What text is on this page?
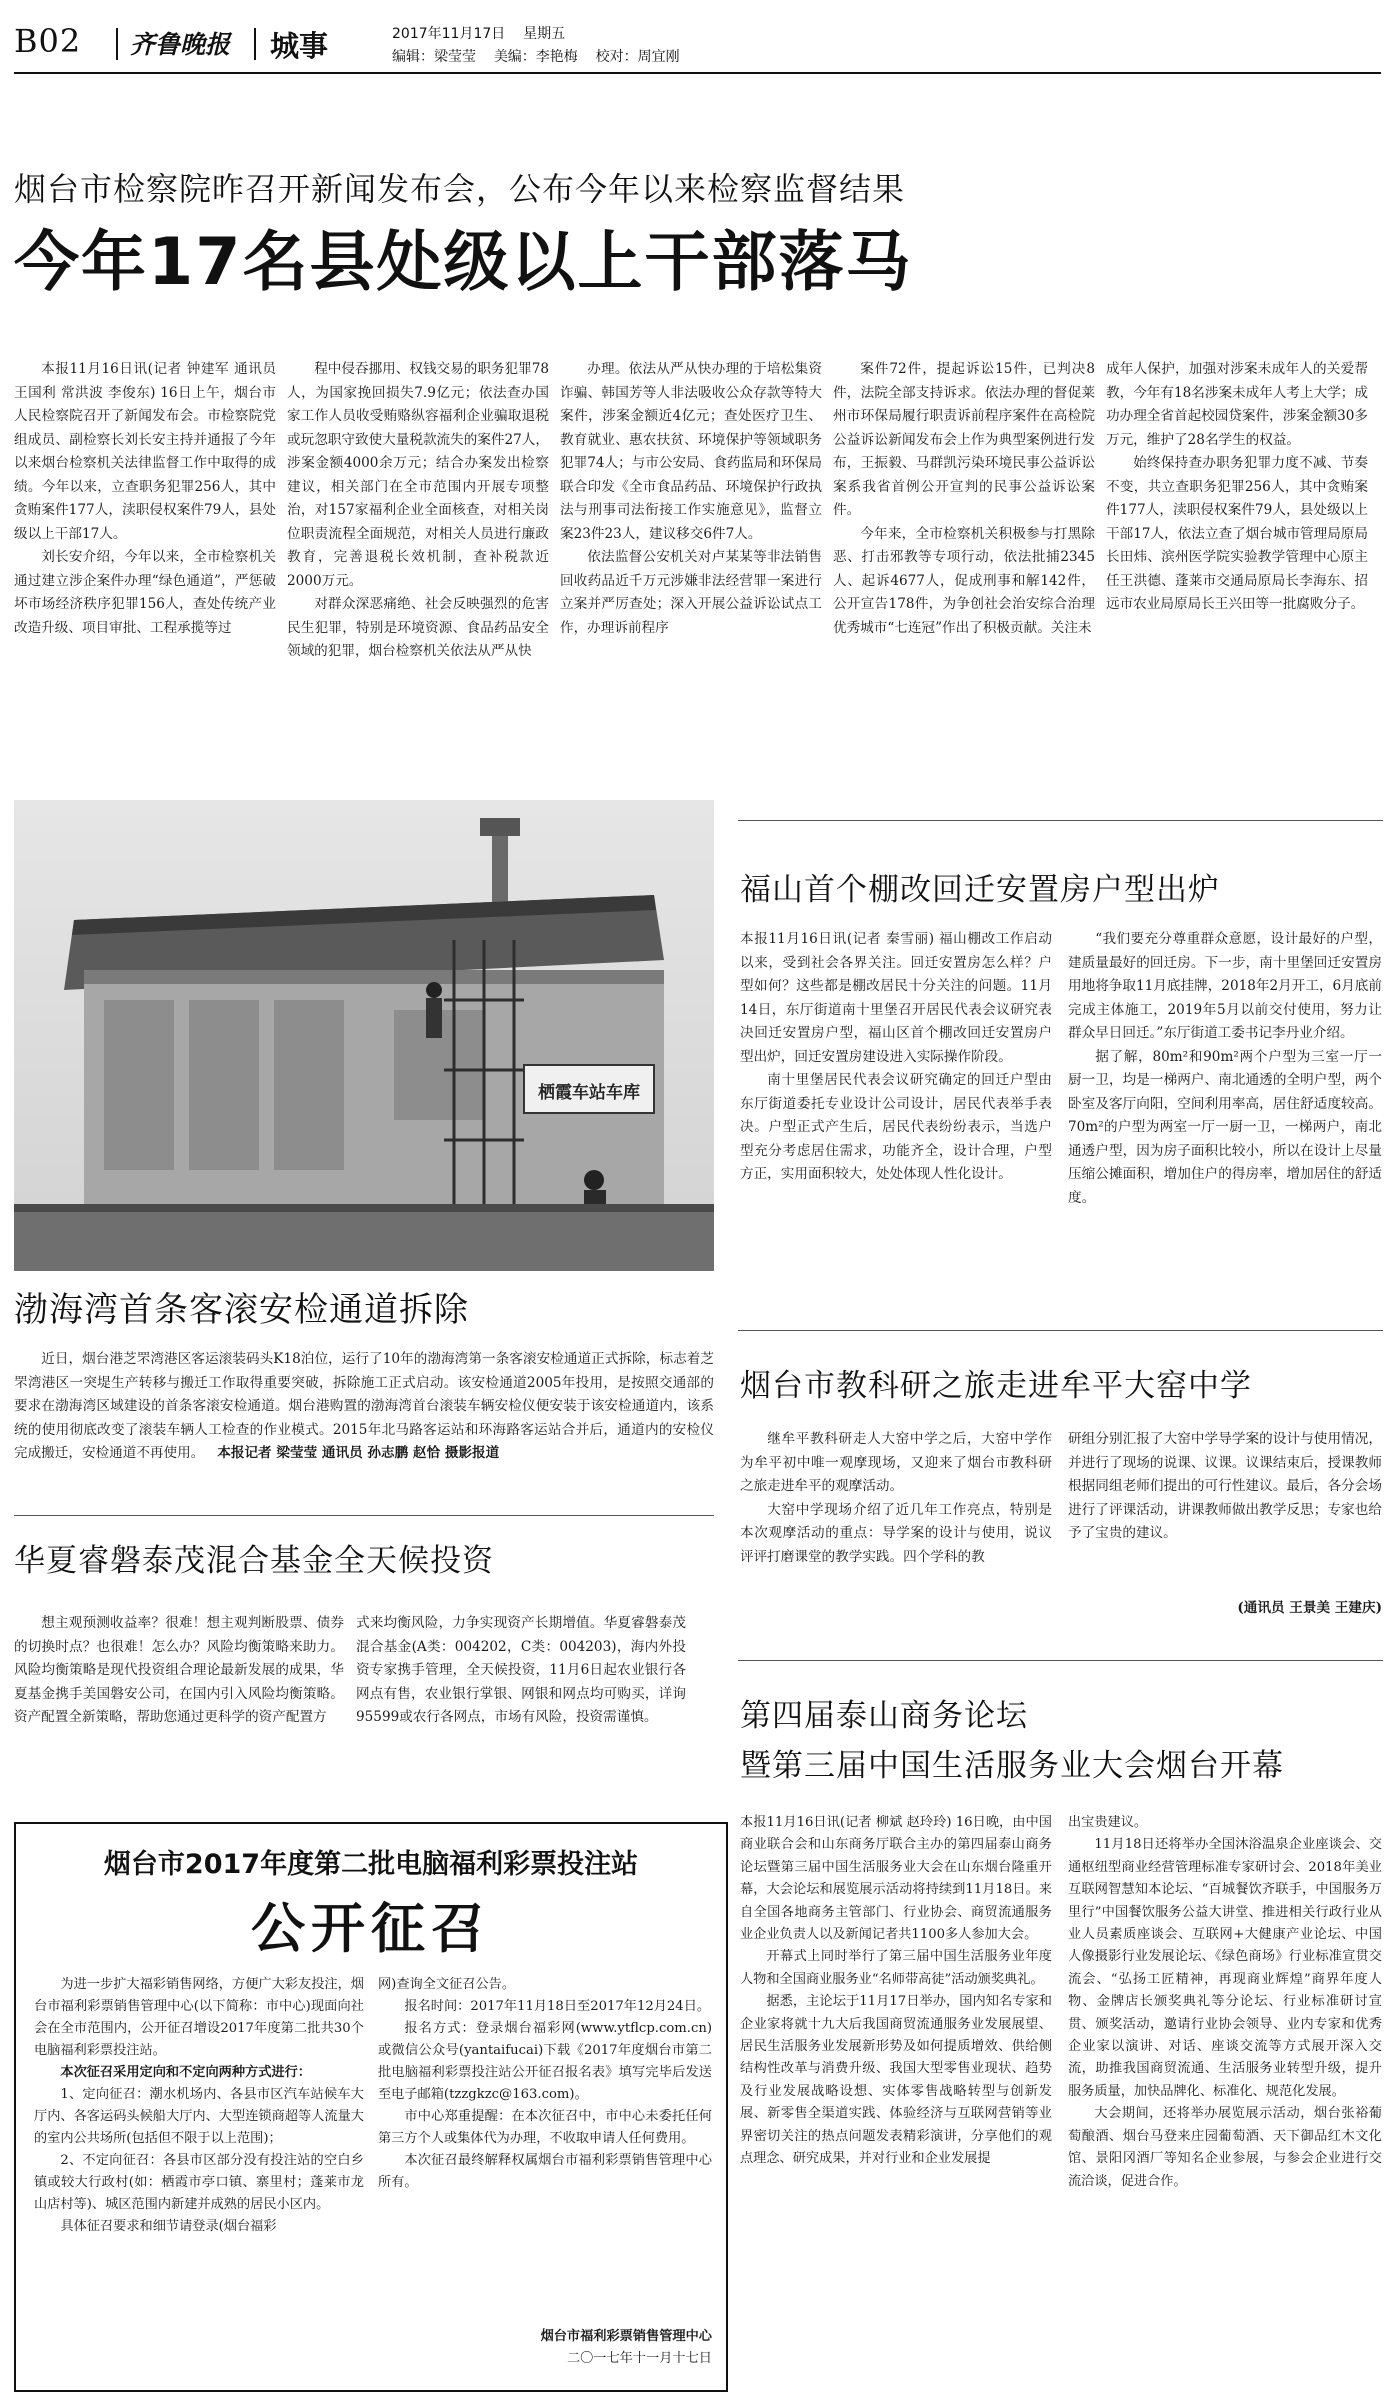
B02 齐鲁晚报 城事	2017年11月17日 星期五
编辑：梁莹莹 美编：李艳梅 校对：周宜刚
烟台市检察院昨召开新闻发布会，公布今年以来检察监督结果
今年17名县处级以上干部落马

本报11月16日讯(记者 钟建军 通讯员 王国利 常洪波 李俊东) 16日上午，烟台市人民检察院召开了新闻发布会。市检察院党组成员、副检察长刘长安主持并通报了今年以来烟台检察机关法律监督工作中取得的成绩。今年以来，立查职务犯罪256人，其中贪贿案件177人，渎职侵权案件79人，县处级以上干部17人。

刘长安介绍，今年以来，全市检察机关通过建立涉企案件办理“绿色通道”，严惩破坏市场经济秩序犯罪156人，查处传统产业改造升级、项目审批、工程承揽等过

程中侵吞挪用、权钱交易的职务犯罪78人，为国家挽回损失7.9亿元；依法查办国家工作人员收受贿赂纵容福利企业骗取退税或玩忽职守致使大量税款流失的案件27人，涉案金额4000余万元；结合办案发出检察建议，相关部门在全市范围内开展专项整治，对157家福利企业全面核查，对相关岗位职责流程全面规范，对相关人员进行廉政教育，完善退税长效机制，查补税款近2000万元。

对群众深恶痛绝、社会反映强烈的危害民生犯罪，特别是环境资源、食品药品安全领域的犯罪，烟台检察机关依法从严从快

办理。依法从严从快办理的于培松集资诈骗、韩国芳等人非法吸收公众存款等特大案件，涉案金额近4亿元；查处医疗卫生、教育就业、惠农扶贫、环境保护等领域职务犯罪74人；与市公安局、食药监局和环保局联合印发《全市食品药品、环境保护行政执法与刑事司法衔接工作实施意见》，监督立案23件23人，建议移交6件7人。

依法监督公安机关对卢某某等非法销售回收药品近千万元涉嫌非法经营罪一案进行立案并严厉查处；深入开展公益诉讼试点工作，办理诉前程序

案件72件，提起诉讼15件，已判决8件，法院全部支持诉求。依法办理的督促莱州市环保局履行职责诉前程序案件在高检院公益诉讼新闻发布会上作为典型案例进行发布，王振毅、马群凯污染环境民事公益诉讼案系我省首例公开宣判的民事公益诉讼案件。

今年来，全市检察机关积极参与打黑除恶、打击邪教等专项行动，依法批捕2345人、起诉4677人，促成刑事和解142件，公开宣告178件，为争创社会治安综合治理优秀城市“七连冠”作出了积极贡献。关注未

成年人保护，加强对涉案未成年人的关爱帮教，今年有18名涉案未成年人考上大学；成功办理全省首起校园贷案件，涉案金额30多万元，维护了28名学生的权益。

始终保持查办职务犯罪力度不减、节奏不变，共立查职务犯罪256人，其中贪贿案件177人，渎职侵权案件79人，县处级以上干部17人，依法立查了烟台城市管理局原局长田炜、滨州医学院实验教学管理中心原主任王洪德、蓬莱市交通局原局长李海东、招远市农业局原局长王兴田等一批腐败分子。

栖霞车站车库
渤海湾首条客滚安检通道拆除

近日，烟台港芝罘湾港区客运滚装码头K18泊位，运行了10年的渤海湾第一条客滚安检通道正式拆除，标志着芝罘湾港区一突堤生产转移与搬迁工作取得重要突破，拆除施工正式启动。该安检通道2005年投用，是按照交通部的要求在渤海湾区域建设的首条客滚安检通道。烟台港购置的渤海湾首台滚装车辆安检仪便安装于该安检通道内，该系统的使用彻底改变了滚装车辆人工检查的作业模式。2015年北马路客运站和环海路客运站合并后，通道内的安检仪完成搬迁，安检通道不再使用。 本报记者 梁莹莹 通讯员 孙志鹏 赵恰 摄影报道

华夏睿磐泰茂混合基金全天候投资

想主观预测收益率？很难！想主观判断股票、债券的切换时点？也很难！怎么办？风险均衡策略来助力。风险均衡策略是现代投资组合理论最新发展的成果，华夏基金携手美国磐安公司，在国内引入风险均衡策略。资产配置全新策略，帮助您通过更科学的资产配置方

式来均衡风险，力争实现资产长期增值。华夏睿磐泰茂混合基金(A类：004202，C类：004203)，海内外投资专家携手管理，全天候投资，11月6日起农业银行各网点有售，农业银行掌银、网银和网点均可购买，详询95599或农行各网点，市场有风险，投资需谨慎。

烟台市2017年度第二批电脑福利彩票投注站
公开征召

为进一步扩大福彩销售网络，方便广大彩友投注，烟台市福利彩票销售管理中心(以下简称：市中心)现面向社会在全市范围内，公开征召增设2017年度第二批共30个电脑福利彩票投注站。

本次征召采用定向和不定向两种方式进行：

1、定向征召：潮水机场内、各县市区汽车站候车大厅内、各客运码头候船大厅内、大型连锁商超等人流量大的室内公共场所(包括但不限于以上范围)；

2、不定向征召：各县市区部分没有投注站的空白乡镇或较大行政村(如：栖霞市亭口镇、寨里村；蓬莱市龙山店村等)、城区范围内新建并成熟的居民小区内。

具体征召要求和细节请登录(烟台福彩

网)查询全文征召公告。

报名时间：2017年11月18日至2017年12月24日。

报名方式：登录烟台福彩网(www.ytflcp.com.cn)或微信公众号(yantaifucai)下载《2017年度烟台市第二批电脑福利彩票投注站公开征召报名表》填写完毕后发送至电子邮箱(tzzgkzc@163.com)。

市中心郑重提醒：在本次征召中，市中心未委托任何第三方个人或集体代为办理，不收取申请人任何费用。

本次征召最终解释权属烟台市福利彩票销售管理中心所有。

烟台市福利彩票销售管理中心
二〇一七年十一月十七日
福山首个棚改回迁安置房户型出炉

本报11月16日讯(记者 秦雪丽) 福山棚改工作启动以来，受到社会各界关注。回迁安置房怎么样？户型如何？这些都是棚改居民十分关注的问题。11月14日，东厅街道南十里堡召开居民代表会议研究表决回迁安置房户型，福山区首个棚改回迁安置房户型出炉，回迁安置房建设进入实际操作阶段。

南十里堡居民代表会议研究确定的回迁户型由东厅街道委托专业设计公司设计，居民代表举手表决。户型正式产生后，居民代表纷纷表示，当选户型充分考虑居住需求，功能齐全，设计合理，户型方正，实用面积较大，处处体现人性化设计。

“我们要充分尊重群众意愿，设计最好的户型，建质量最好的回迁房。下一步，南十里堡回迁安置房用地将争取11月底挂牌，2018年2月开工，6月底前完成主体施工，2019年5月以前交付使用，努力让群众早日回迁。”东厅街道工委书记李丹业介绍。

据了解，80m²和90m²两个户型为三室一厅一厨一卫，均是一梯两户、南北通透的全明户型，两个卧室及客厅向阳，空间利用率高，居住舒适度较高。70m²的户型为两室一厅一厨一卫，一梯两户，南北通透户型，因为房子面积比较小，所以在设计上尽量压缩公摊面积，增加住户的得房率，增加居住的舒适度。

烟台市教科研之旅走进牟平大窑中学

继牟平教科研走人大窑中学之后，大窑中学作为牟平初中唯一观摩现场，又迎来了烟台市教科研之旅走进牟平的观摩活动。

大窑中学现场介绍了近几年工作亮点，特别是本次观摩活动的重点：导学案的设计与使用，说议评评打磨课堂的教学实践。四个学科的教

研组分别汇报了大窑中学导学案的设计与使用情况，并进行了现场的说课、议课。议课结束后，授课教师根据同组老师们提出的可行性建议。最后，各分会场进行了评课活动，讲课教师做出教学反思；专家也给予了宝贵的建议。

(通讯员 王景美 王建庆)
第四届泰山商务论坛
暨第三届中国生活服务业大会烟台开幕

本报11月16日讯(记者 柳斌 赵玲玲) 16日晚，由中国商业联合会和山东商务厅联合主办的第四届泰山商务论坛暨第三届中国生活服务业大会在山东烟台隆重开幕，大会论坛和展览展示活动将持续到11月18日。来自全国各地商务主管部门、行业协会、商贸流通服务业企业负责人以及新闻记者共1100多人参加大会。

开幕式上同时举行了第三届中国生活服务业年度人物和全国商业服务业“名师带高徒”活动颁奖典礼。

据悉，主论坛于11月17日举办，国内知名专家和企业家将就十九大后我国商贸流通服务业发展展望、居民生活服务业发展新形势及如何提质增效、供给侧结构性改革与消费升级、我国大型零售业现状、趋势及行业发展战略设想、实体零售战略转型与创新发展、新零售全渠道实践、体验经济与互联网营销等业界密切关注的热点问题发表精彩演讲，分享他们的观点理念、研究成果，并对行业和企业发展提

出宝贵建议。

11月18日还将举办全国沐浴温泉企业座谈会、交通枢纽型商业经营管理标准专家研讨会、2018年美业互联网智慧知本论坛、“百城餐饮齐联手，中国服务万里行”中国餐饮服务公益大讲堂、推进相关行政行业从业人员素质座谈会、互联网+大健康产业论坛、中国人像摄影行业发展论坛、《绿色商场》行业标准宣贯交流会、“弘扬工匠精神，再现商业辉煌”商界年度人物、金牌店长颁奖典礼等分论坛、行业标准研讨宣贯、颁奖活动，邀请行业协会领导、业内专家和优秀企业家以演讲、对话、座谈交流等方式展开深入交流，助推我国商贸流通、生活服务业转型升级，提升服务质量，加快品牌化、标准化、规范化发展。

大会期间，还将举办展览展示活动，烟台张裕葡萄酿酒、烟台马登来庄园葡萄酒、天下御品红木文化馆、景阳冈酒厂等知名企业参展，与参会企业进行交流洽谈，促进合作。
